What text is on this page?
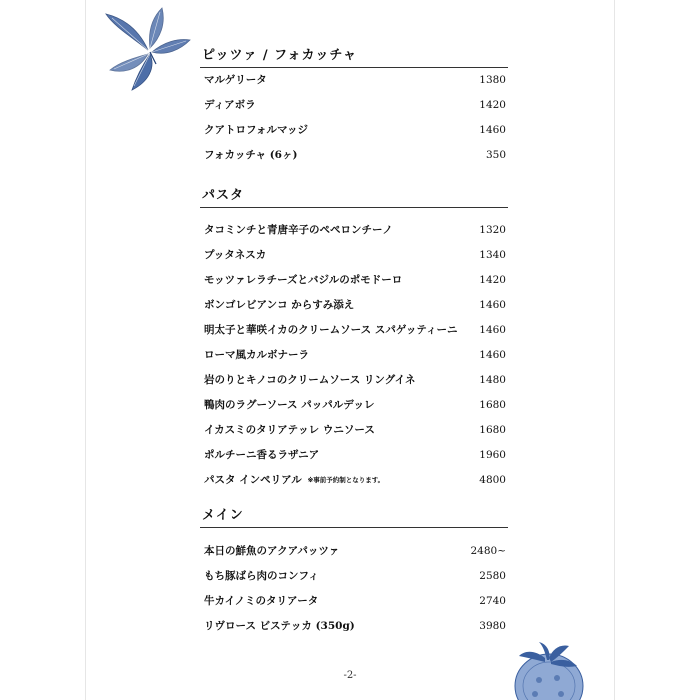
ピッツァ / フォカッチャ
マルゲリータ	1380
ディアボラ	1420
クアトロフォルマッジ	1460
フォカッチャ (6ヶ)	350
パスタ
タコミンチと青唐辛子のペペロンチーノ	1320
プッタネスカ	1340
モッツァレラチーズとバジルのポモドーロ	1420
ボンゴレビアンコ からすみ添え	1460
明太子と華咲イカのクリームソース スパゲッティーニ 1460
ローマ風カルボナーラ	1460
岩のりとキノコのクリームソース リングイネ	1480
鴨肉のラグーソース パッパルデッレ	1680
イカスミのタリアテッレ ウニソース	1680
ポルチーニ香るラザニア	1960
パスタ インペリアル ※事前予約制となります。	4800
メイン
本日の鮮魚のアクアパッツァ	2480~
もち豚ばら肉のコンフィ	2580
牛カイノミのタリアータ	2740
リヴロース ビステッカ (350g)	3980
-2-
